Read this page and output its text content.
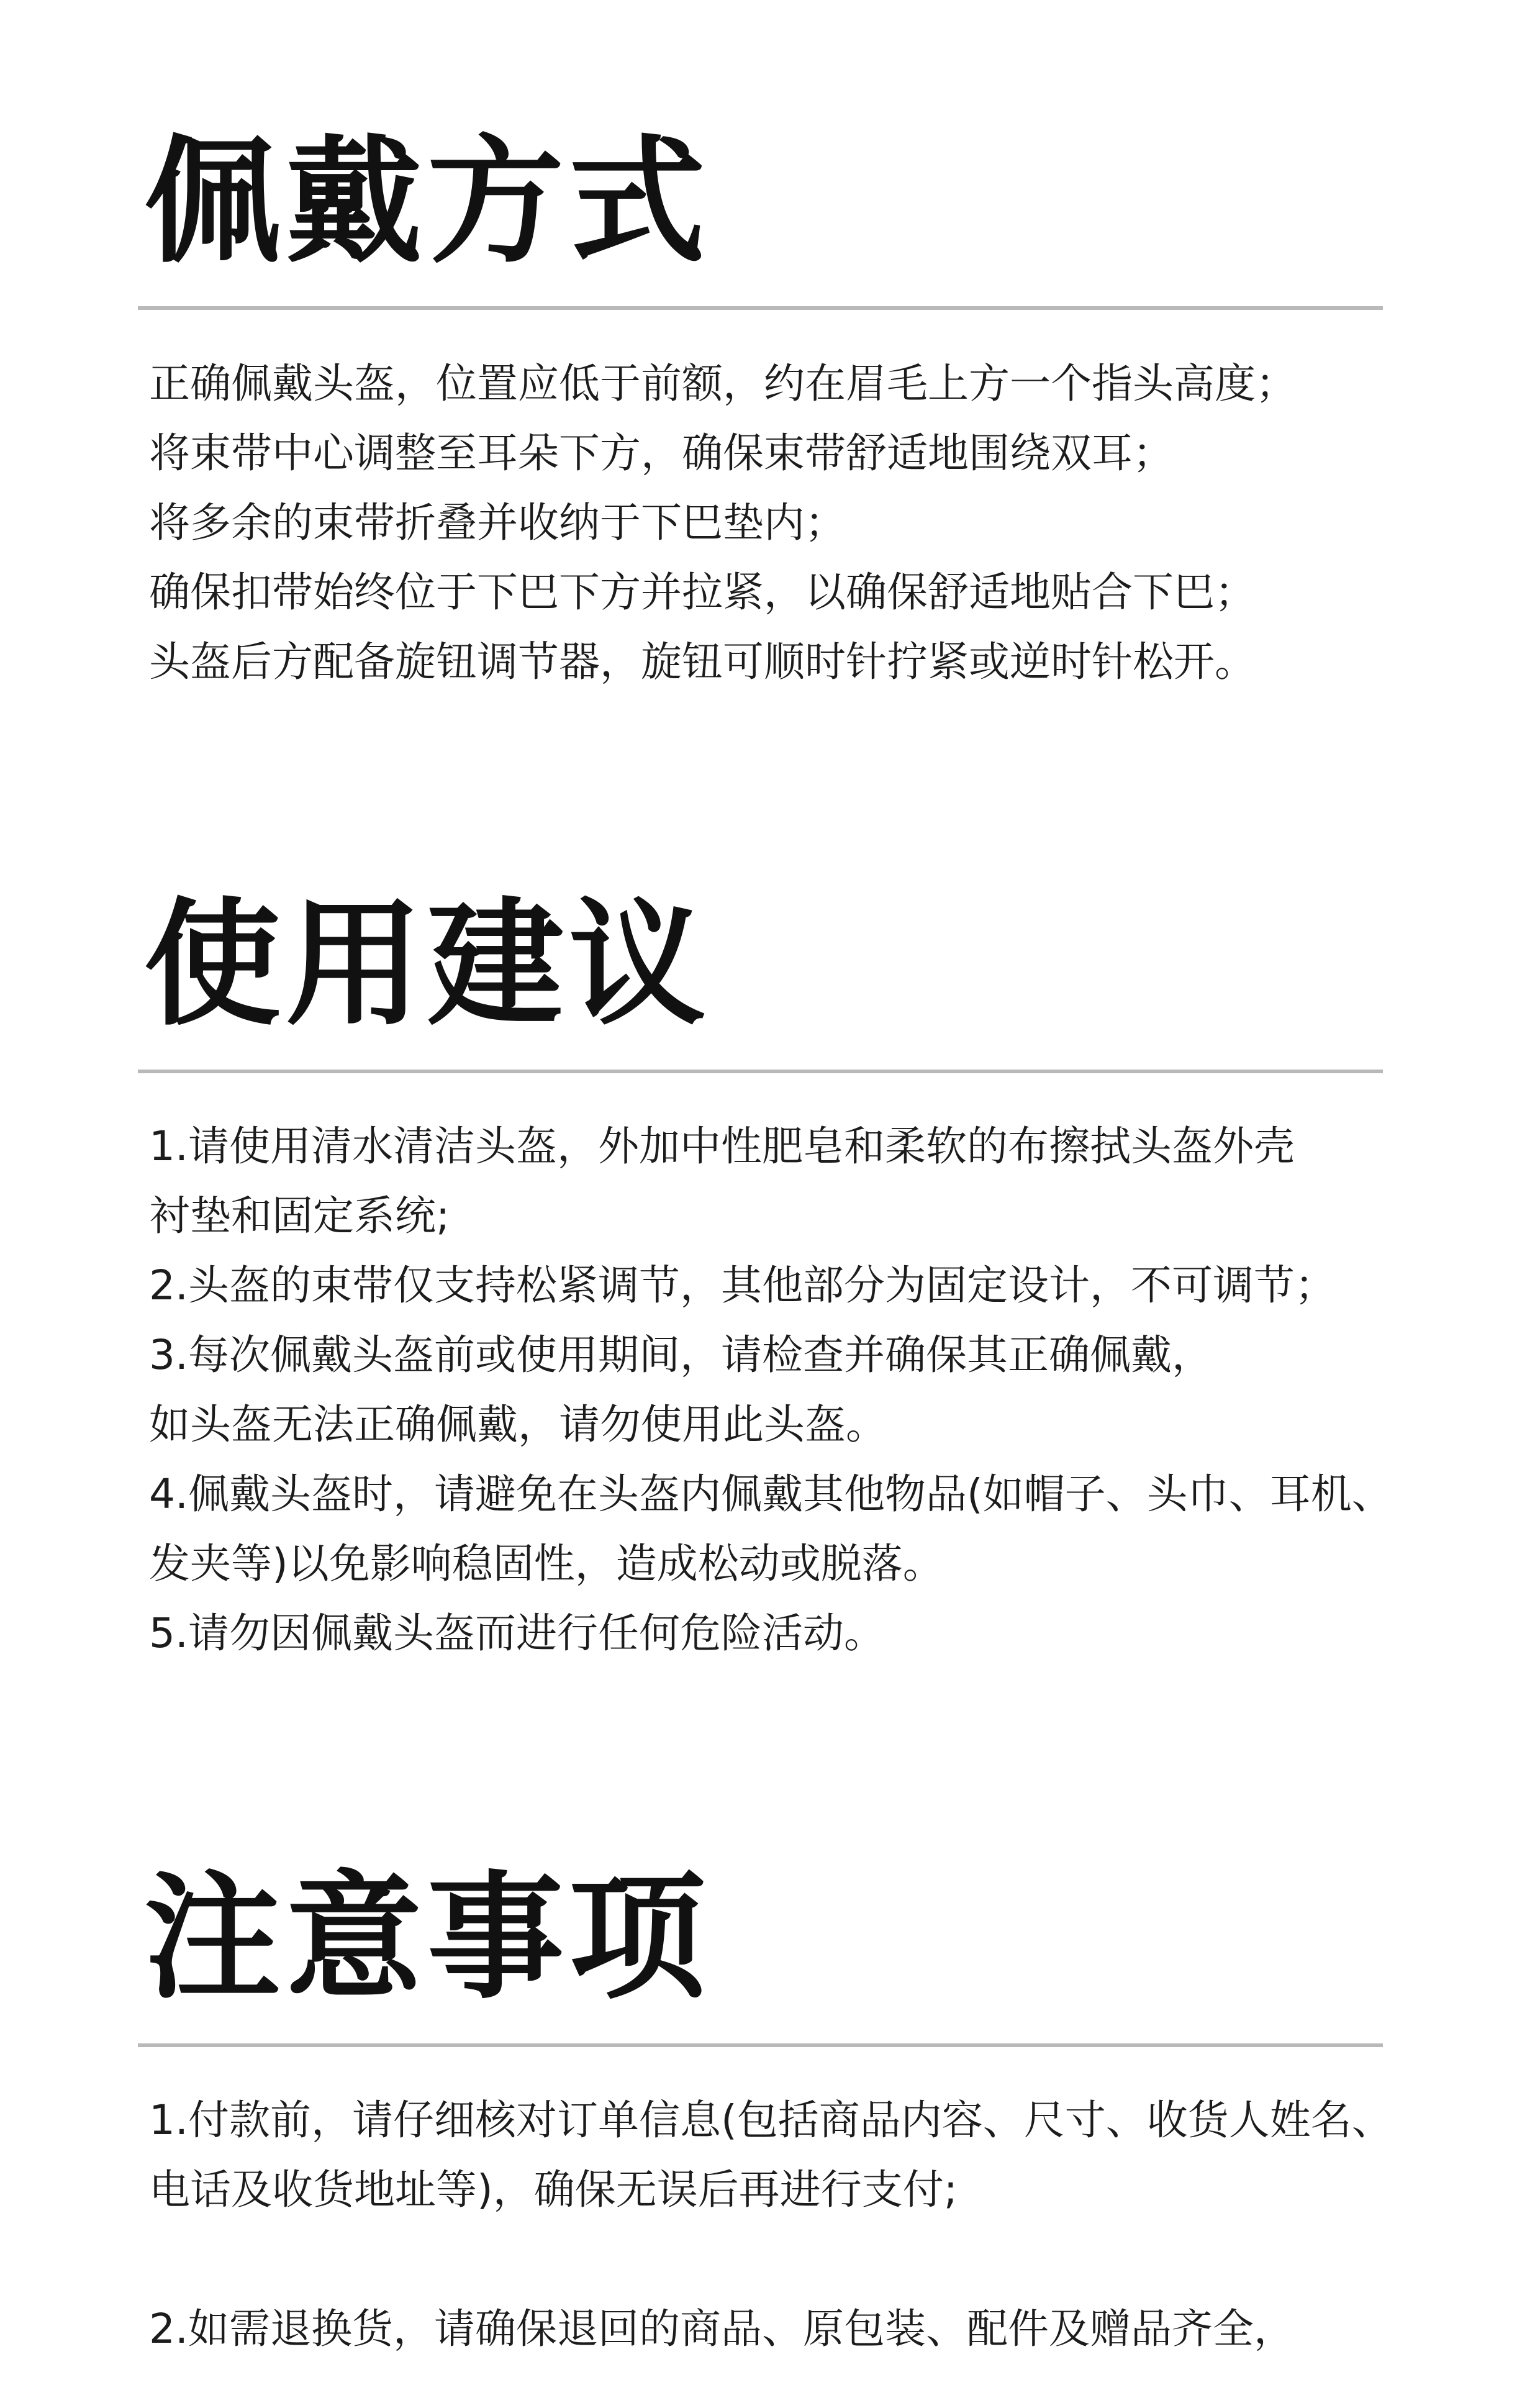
佩戴方式
正确佩戴头盔，位置应低于前额，约在眉毛上方一个指头高度；
将束带中心调整至耳朵下方，确保束带舒适地围绕双耳；
将多余的束带折叠并收纳于下巴垫内；
确保扣带始终位于下巴下方并拉紧，以确保舒适地贴合下巴；
头盔后方配备旋钮调节器，旋钮可顺时针拧紧或逆时针松开。
使用建议
1.请使用清水清洁头盔，外加中性肥皂和柔软的布擦拭头盔外壳
衬垫和固定系统;
2.头盔的束带仅支持松紧调节，其他部分为固定设计，不可调节；
3.每次佩戴头盔前或使用期间，请检查并确保其正确佩戴，
如头盔无法正确佩戴，请勿使用此头盔。
4.佩戴头盔时，请避免在头盔内佩戴其他物品(如帽子、头巾、耳机、
发夹等)以免影响稳固性，造成松动或脱落。
5.请勿因佩戴头盔而进行任何危险活动。
注意事项
1.付款前，请仔细核对订单信息(包括商品内容、尺寸、收货人姓名、
电话及收货地址等)，确保无误后再进行支付;
2.如需退换货，请确保退回的商品、原包装、配件及赠品齐全，
